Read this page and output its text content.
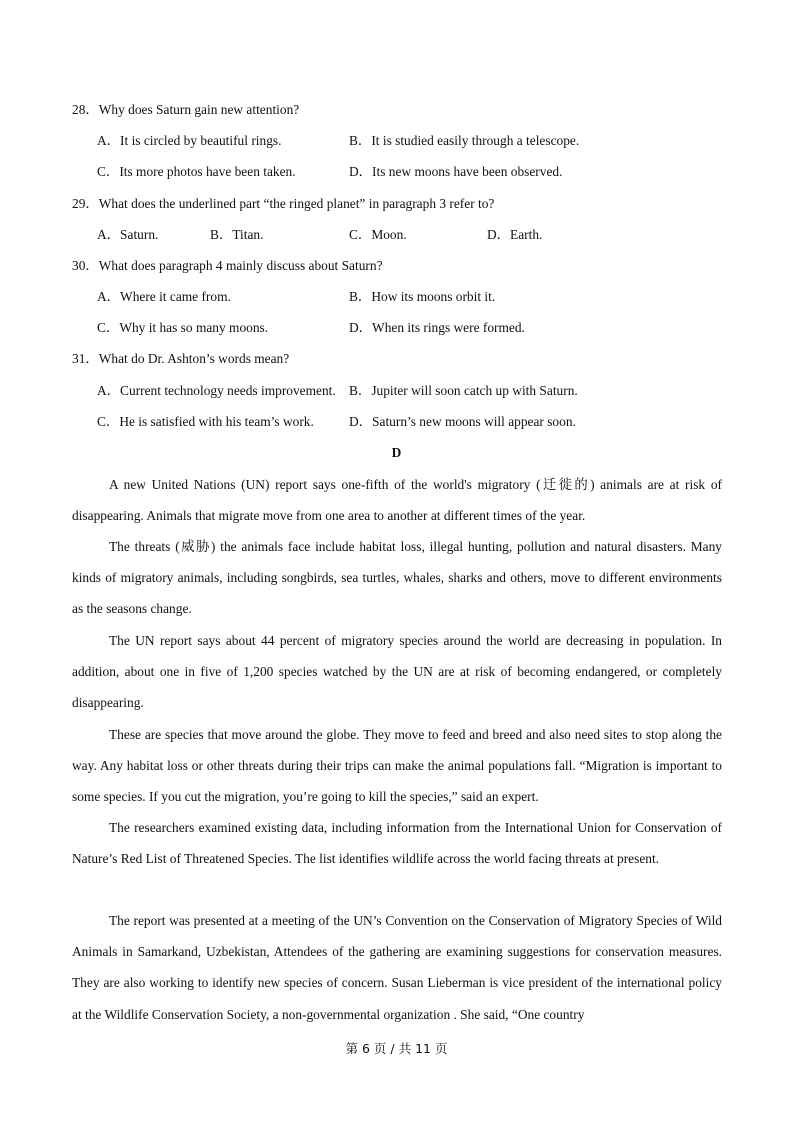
28．Why does Saturn gain new attention?
A．It is circled by beautiful rings.	B．It is studied easily through a telescope.
C．Its more photos have been taken.	D．Its new moons have been observed.
29．What does the underlined part “the ringed planet” in paragraph 3 refer to?
A．Saturn.	B．Titan.	C．Moon.	D．Earth.
30．What does paragraph 4 mainly discuss about Saturn?
A．Where it came from.	B．How its moons orbit it.
C．Why it has so many moons.	D．When its rings were formed.
31．What do Dr. Ashton’s words mean?
A．Current technology needs improvement. B．Jupiter will soon catch up with Saturn.
C．He is satisfied with his team’s work.	D．Saturn’s new moons will appear soon.
D

A new United Nations (UN) report says one-fifth of the world's migratory (迁徙的) animals are at risk of disappearing. Animals that migrate move from one area to another at different times of the year.

The threats (威胁) the animals face include habitat loss, illegal hunting, pollution and natural disasters. Many kinds of migratory animals, including songbirds, sea turtles, whales, sharks and others, move to different environments as the seasons change.

The UN report says about 44 percent of migratory species around the world are decreasing in population. In addition, about one in five of 1,200 species watched by the UN are at risk of becoming endangered, or completely disappearing.

These are species that move around the globe. They move to feed and breed and also need sites to stop along the way. Any habitat loss or other threats during their trips can make the animal populations fall. “Migration is important to some species. If you cut the migration, you’re going to kill the species,” said an expert.

The researchers examined existing data, including information from the International Union for Conservation of Nature’s Red List of Threatened Species. The list identifies wildlife across the world facing threats at present.

The report was presented at a meeting of the UN’s Convention on the Conservation of Migratory Species of Wild Animals in Samarkand, Uzbekistan, Attendees of the gathering are examining suggestions for conservation measures. They are also working to identify new species of concern. Susan Lieberman is vice president of the international policy at the Wildlife Conservation Society, a non-governmental organization . She said, “One country

第 6 页 / 共 11 页
